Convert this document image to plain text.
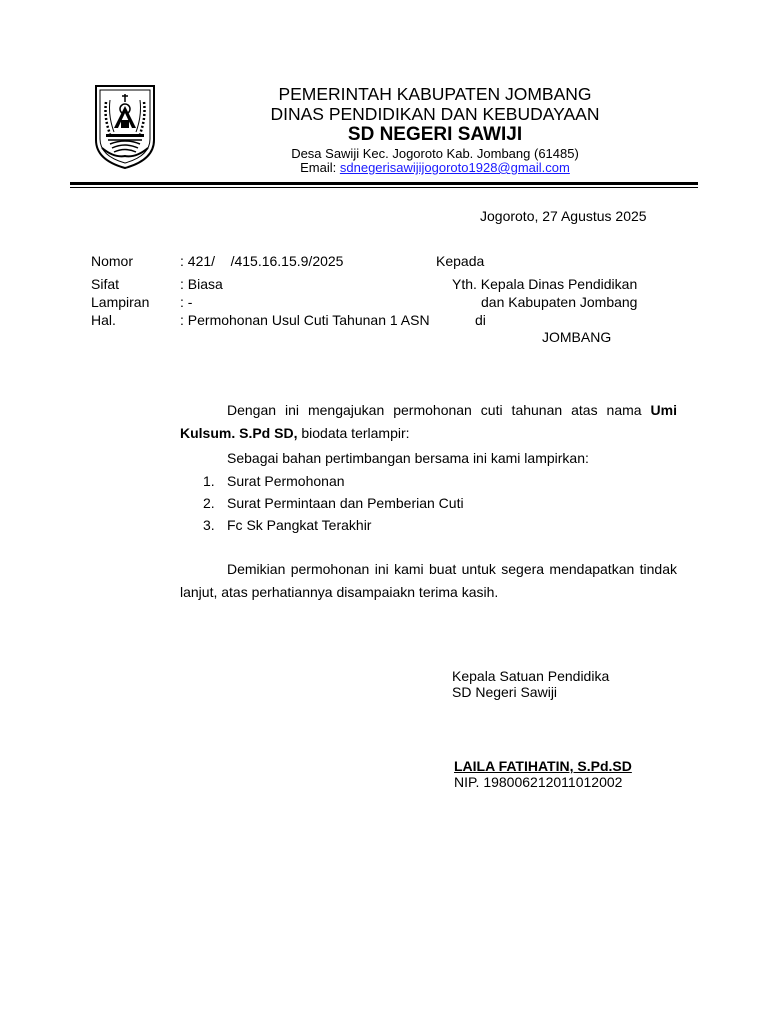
PEMERINTAH KABUPATEN JOMBANG
DINAS PENDIDIKAN DAN KEBUDAYAAN
SD NEGERI SAWIJI
Desa Sawiji Kec. Jogoroto Kab. Jombang (61485)
Email: sdnegerisawijijogoroto1928@gmail.com
Jogoroto, 27 Agustus 2025
Nomor	: 421/    /415.16.15.9/2025
Sifat	: Biasa
Lampiran : -
Hal.	: Permohonan Usul Cuti Tahunan 1 ASN
Kepada
Yth. Kepala Dinas Pendidikan
dan Kabupaten Jombang
di
JOMBANG
Dengan ini mengajukan permohonan cuti tahunan atas nama Umi Kulsum. S.Pd SD, biodata terlampir:
Sebagai bahan pertimbangan bersama ini kami lampirkan:
1. Surat Permohonan
2. Surat Permintaan dan Pemberian Cuti
3. Fc Sk Pangkat Terakhir
Demikian permohonan ini kami buat untuk segera mendapatkan tindak lanjut, atas perhatiannya disampaiakn terima kasih.
Kepala Satuan Pendidika
SD Negeri Sawiji
LAILA FATIHATIN, S.Pd.SD
NIP. 198006212011012002
